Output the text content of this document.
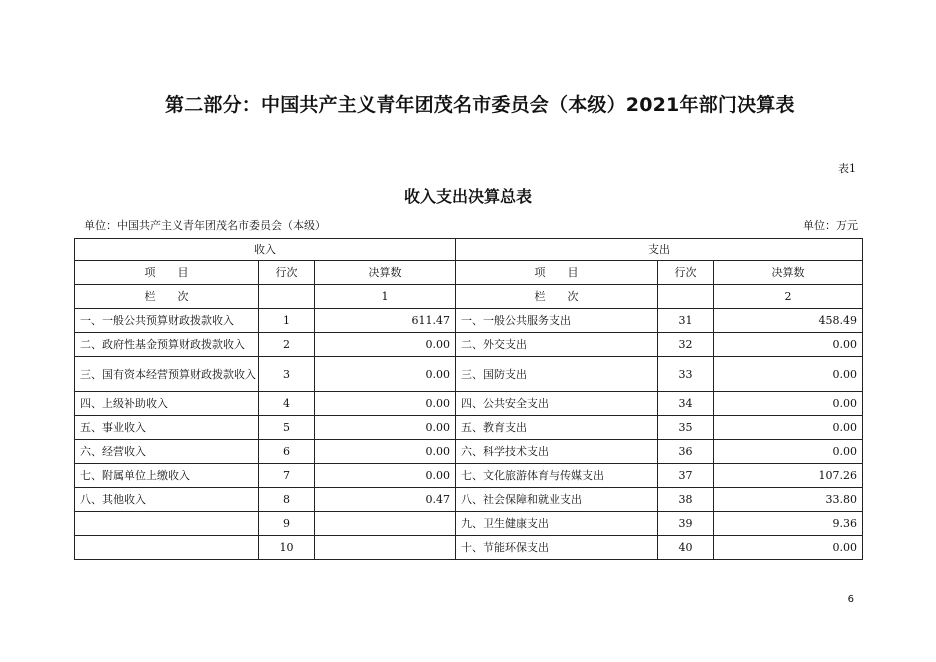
第二部分：中国共产主义青年团茂名市委员会（本级）2021年部门决算表
表1
收入支出决算总表
单位：中国共产主义青年团茂名市委员会（本级）	单位：万元
收入			支出		
项　　目	行次	决算数	项　　目	行次	决算数
栏　　次		1	栏　　次		2
一、一般公共预算财政拨款收入	1	611.47	一、一般公共服务支出	31	458.49
二、政府性基金预算财政拨款收入	2	0.00	二、外交支出	32	0.00
三、国有资本经营预算财政拨款收入	3	0.00	三、国防支出	33	0.00
四、上级补助收入	4	0.00	四、公共安全支出	34	0.00
五、事业收入	5	0.00	五、教育支出	35	0.00
六、经营收入	6	0.00	六、科学技术支出	36	0.00
七、附属单位上缴收入	7	0.00	七、文化旅游体育与传媒支出	37	107.26
八、其他收入	8	0.47	八、社会保障和就业支出	38	33.80
	9		九、卫生健康支出	39	9.36
	10		十、节能环保支出	40	0.00
6
